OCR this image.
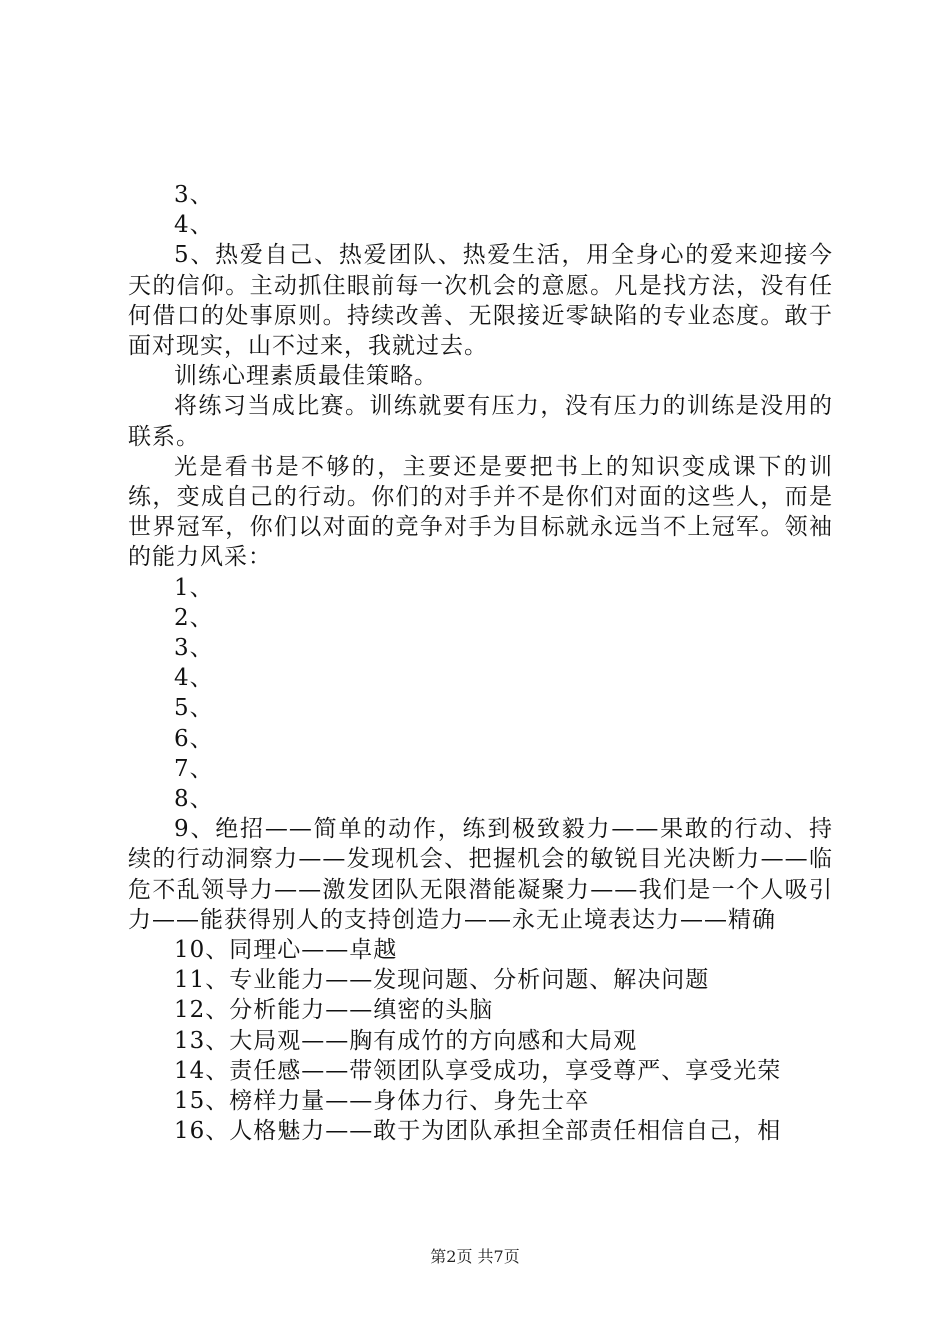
3、

4、

5、热爱自己、热爱团队、热爱生活，用全身心的爱来迎接今天的信仰。主动抓住眼前每一次机会的意愿。凡是找方法，没有任何借口的处事原则。持续改善、无限接近零缺陷的专业态度。敢于面对现实，山不过来，我就过去。

训练心理素质最佳策略。

将练习当成比赛。训练就要有压力，没有压力的训练是没用的联系。

光是看书是不够的，主要还是要把书上的知识变成课下的训练，变成自己的行动。你们的对手并不是你们对面的这些人，而是世界冠军，你们以对面的竞争对手为目标就永远当不上冠军。领袖的能力风采：

1、

2、

3、

4、

5、

6、

7、

8、

9、绝招——简单的动作，练到极致毅力——果敢的行动、持续的行动洞察力——发现机会、把握机会的敏锐目光决断力——临危不乱领导力——激发团队无限潜能凝聚力——我们是一个人吸引力——能获得别人的支持创造力——永无止境表达力——精确

10、同理心——卓越

11、专业能力——发现问题、分析问题、解决问题

12、分析能力——缜密的头脑

13、大局观——胸有成竹的方向感和大局观

14、责任感——带领团队享受成功，享受尊严、享受光荣

15、榜样力量——身体力行、身先士卒

16、人格魅力——敢于为团队承担全部责任相信自己，相

第2页 共7页
